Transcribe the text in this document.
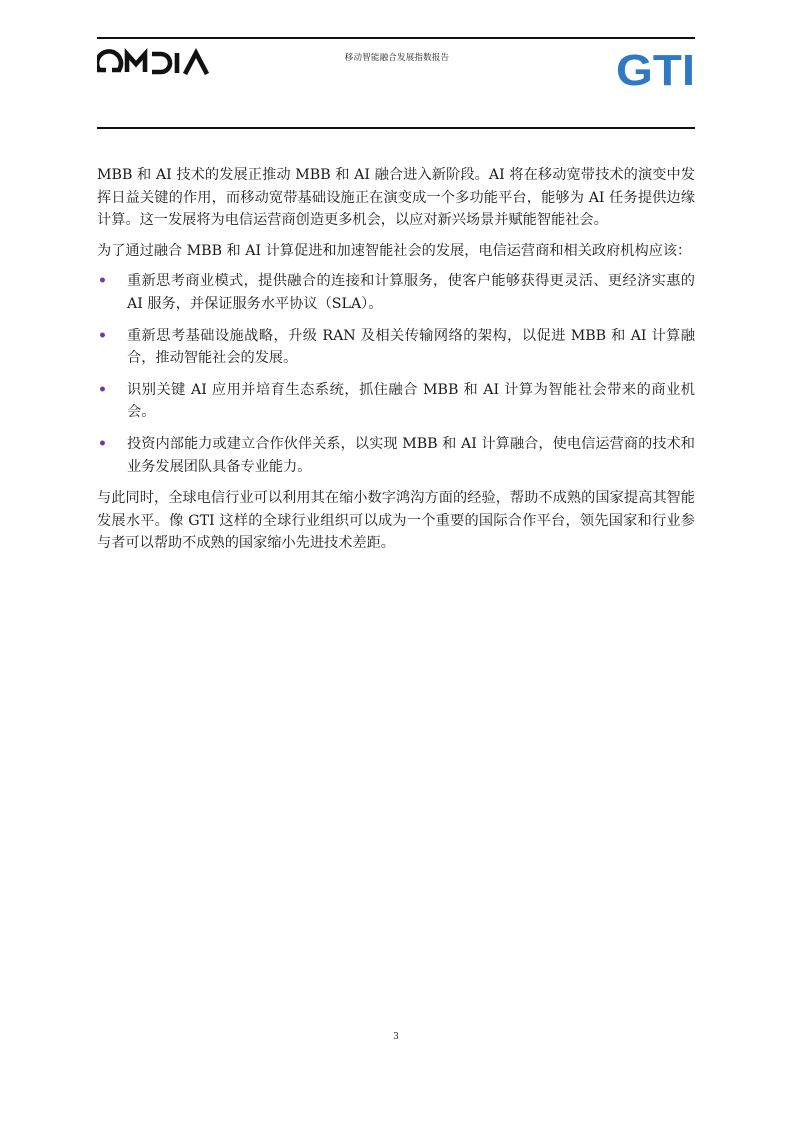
移动智能融合发展指数报告	GTI

MBB 和 AI 技术的发展正推动 MBB 和 AI 融合进入新阶段。AI 将在移动宽带技术的演变中发挥日益关键的作用，而移动宽带基础设施正在演变成一个多功能平台，能够为 AI 任务提供边缘计算。这一发展将为电信运营商创造更多机会，以应对新兴场景并赋能智能社会。

为了通过融合 MBB 和 AI 计算促进和加速智能社会的发展，电信运营商和相关政府机构应该：

• 重新思考商业模式，提供融合的连接和计算服务，使客户能够获得更灵活、更经济实惠的 AI 服务，并保证服务水平协议（SLA）。
• 重新思考基础设施战略，升级 RAN 及相关传输网络的架构，以促进 MBB 和 AI 计算融合，推动智能社会的发展。
• 识别关键 AI 应用并培育生态系统，抓住融合 MBB 和 AI 计算为智能社会带来的商业机会。
• 投资内部能力或建立合作伙伴关系，以实现 MBB 和 AI 计算融合，使电信运营商的技术和业务发展团队具备专业能力。

与此同时，全球电信行业可以利用其在缩小数字鸿沟方面的经验，帮助不成熟的国家提高其智能发展水平。像 GTI 这样的全球行业组织可以成为一个重要的国际合作平台，领先国家和行业参与者可以帮助不成熟的国家缩小先进技术差距。

3
